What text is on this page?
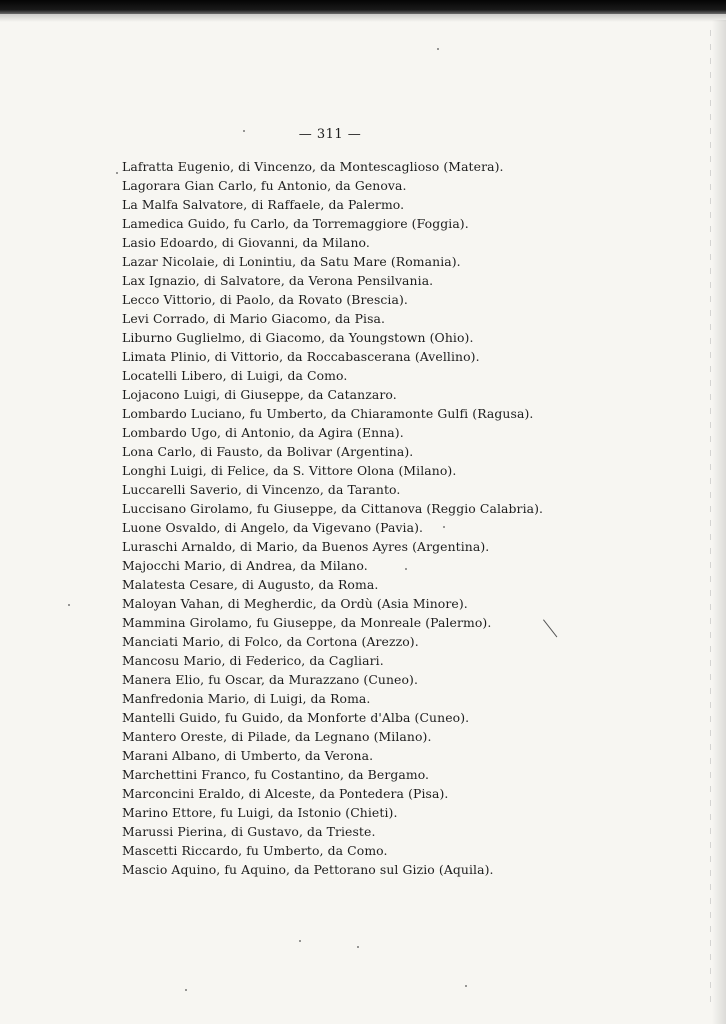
— 311 —
Lafratta Eugenio, di Vincenzo, da Montescaglioso (Matera).
Lagorara Gian Carlo, fu Antonio, da Genova.
La Malfa Salvatore, di Raffaele, da Palermo.
Lamedica Guido, fu Carlo, da Torremaggiore (Foggia).
Lasio Edoardo, di Giovanni, da Milano.
Lazar Nicolaie, di Lonintiu, da Satu Mare (Romania).
Lax Ignazio, di Salvatore, da Verona Pensilvania.
Lecco Vittorio, di Paolo, da Rovato (Brescia).
Levi Corrado, di Mario Giacomo, da Pisa.
Liburno Guglielmo, di Giacomo, da Youngstown (Ohio).
Limata Plinio, di Vittorio, da Roccabascerana (Avellino).
Locatelli Libero, di Luigi, da Como.
Lojacono Luigi, di Giuseppe, da Catanzaro.
Lombardo Luciano, fu Umberto, da Chiaramonte Gulfi (Ragusa).
Lombardo Ugo, di Antonio, da Agira (Enna).
Lona Carlo, di Fausto, da Bolivar (Argentina).
Longhi Luigi, di Felice, da S. Vittore Olona (Milano).
Luccarelli Saverio, di Vincenzo, da Taranto.
Luccisano Girolamo, fu Giuseppe, da Cittanova (Reggio Calabria).
Luone Osvaldo, di Angelo, da Vigevano (Pavia).
Luraschi Arnaldo, di Mario, da Buenos Ayres (Argentina).
Majocchi Mario, di Andrea, da Milano.
Malatesta Cesare, di Augusto, da Roma.
Maloyan Vahan, di Megherdic, da Ordù (Asia Minore).
Mammina Girolamo, fu Giuseppe, da Monreale (Palermo).
Manciati Mario, di Folco, da Cortona (Arezzo).
Mancosu Mario, di Federico, da Cagliari.
Manera Elio, fu Oscar, da Murazzano (Cuneo).
Manfredonia Mario, di Luigi, da Roma.
Mantelli Guido, fu Guido, da Monforte d'Alba (Cuneo).
Mantero Oreste, di Pilade, da Legnano (Milano).
Marani Albano, di Umberto, da Verona.
Marchettini Franco, fu Costantino, da Bergamo.
Marconcini Eraldo, di Alceste, da Pontedera (Pisa).
Marino Ettore, fu Luigi, da Istonio (Chieti).
Marussi Pierina, di Gustavo, da Trieste.
Mascetti Riccardo, fu Umberto, da Como.
Mascio Aquino, fu Aquino, da Pettorano sul Gizio (Aquila).
